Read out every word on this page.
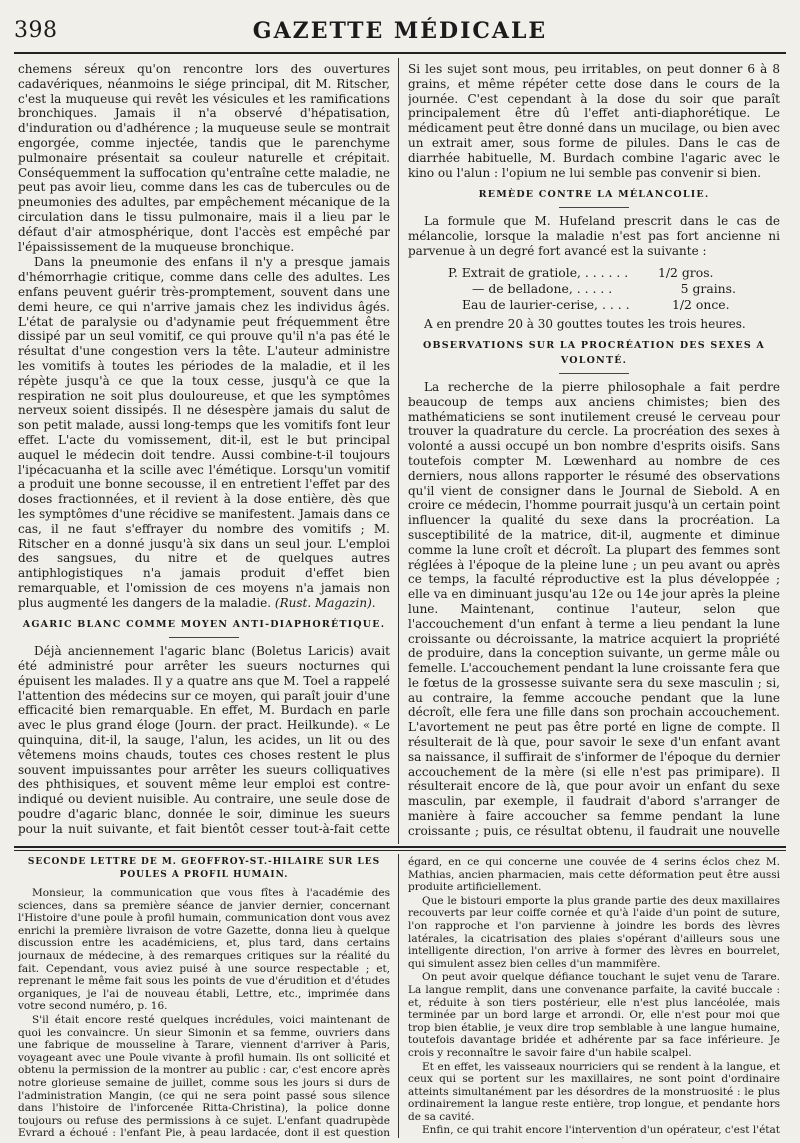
398	GAZETTE MÉDICALE

chemens séreux qu'on rencontre lors des ouvertures cadavériques, néanmoins le siége principal, dit M. Ritscher, c'est la muqueuse qui revêt les vésicules et les ramifications bronchiques. Jamais il n'a observé d'hépatisation, d'induration ou d'adhérence ; la muqueuse seule se montrait engorgée, comme injectée, tandis que le parenchyme pulmonaire présentait sa couleur naturelle et crépitait. Conséquemment la suffocation qu'entraîne cette maladie, ne peut pas avoir lieu, comme dans les cas de tubercules ou de pneumonies des adultes, par empêchement mécanique de la circulation dans le tissu pulmonaire, mais il a lieu par le défaut d'air atmosphérique, dont l'accès est empêché par l'épaississement de la muqueuse bronchique.

Dans la pneumonie des enfans il n'y a presque jamais d'hémorrhagie critique, comme dans celle des adultes. Les enfans peuvent guérir très-promptement, souvent dans une demi heure, ce qui n'arrive jamais chez les individus âgés. L'état de paralysie ou d'adynamie peut fréquemment être dissipé par un seul vomitif, ce qui prouve qu'il n'a pas été le résultat d'une congestion vers la tête. L'auteur administre les vomitifs à toutes les périodes de la maladie, et il les répète jusqu'à ce que la toux cesse, jusqu'à ce que la respiration ne soit plus douloureuse, et que les symptômes nerveux soient dissipés. Il ne désespère jamais du salut de son petit malade, aussi long-temps que les vomitifs font leur effet. L'acte du vomissement, dit-il, est le but principal auquel le médecin doit tendre. Aussi combine-t-il toujours l'ipécacuanha et la scille avec l'émétique. Lorsqu'un vomitif a produit une bonne secousse, il en entretient l'effet par des doses fractionnées, et il revient à la dose entière, dès que les symptômes d'une récidive se manifestent. Jamais dans ce cas, il ne faut s'effrayer du nombre des vomitifs ; M. Ritscher en a donné jusqu'à six dans un seul jour. L'emploi des sangsues, du nitre et de quelques autres antiphlogistiques n'a jamais produit d'effet bien remarquable, et l'omission de ces moyens n'a jamais non plus augmenté les dangers de la maladie. (Rust. Magazin).

AGARIC BLANC COMME MOYEN ANTI-DIAPHORÉTIQUE.

Déjà anciennement l'agaric blanc (Boletus Laricis) avait été administré pour arrêter les sueurs nocturnes qui épuisent les malades. Il y a quatre ans que M. Toel a rappelé l'attention des médecins sur ce moyen, qui paraît jouir d'une efficacité bien remarquable. En effet, M. Burdach en parle avec le plus grand éloge (Journ. der pract. Heilkunde). « Le quinquina, dit-il, la sauge, l'alun, les acides, un lit ou des vêtemens moins chauds, toutes ces choses restent le plus souvent impuissantes pour arrêter les sueurs colliquatives des phthisiques, et souvent même leur emploi est contre-indiqué ou devient nuisible. Au contraire, une seule dose de poudre d'agaric blanc, donnée le soir, diminue les sueurs pour la nuit suivante, et fait bientôt cesser tout-à-fait cette

Si les sujet sont mous, peu irritables, on peut donner 6 à 8 grains, et même répéter cette dose dans le cours de la journée. C'est cependant à la dose du soir que paraît principalement être dû l'effet anti-diaphorétique. Le médicament peut être donné dans un mucilage, ou bien avec un extrait amer, sous forme de pilules. Dans le cas de diarrhée habituelle, M. Burdach combine l'agaric avec le kino ou l'alun : l'opium ne lui semble pas convenir si bien.

REMÈDE CONTRE LA MÉLANCOLIE.

La formule que M. Hufeland prescrit dans le cas de mélancolie, lorsque la maladie n'est pas fort ancienne ni parvenue à un degré fort avancé est la suivante :

P. Extrait de gratiole, . . . . . .	1/2 gros.
— de belladone, . . . . .	5 grains.
Eau de laurier-cerise, . . . .	1/2 once.

A en prendre 20 à 30 gouttes toutes les trois heures.

OBSERVATIONS SUR LA PROCRÉATION DES SEXES A VOLONTÉ.

La recherche de la pierre philosophale a fait perdre beaucoup de temps aux anciens chimistes; bien des mathématiciens se sont inutilement creusé le cerveau pour trouver la quadrature du cercle. La procréation des sexes à volonté a aussi occupé un bon nombre d'esprits oisifs. Sans toutefois compter M. Lœwenhard au nombre de ces derniers, nous allons rapporter le résumé des observations qu'il vient de consigner dans le Journal de Siebold. A en croire ce médecin, l'homme pourrait jusqu'à un certain point influencer la qualité du sexe dans la procréation. La susceptibilité de la matrice, dit-il, augmente et diminue comme la lune croît et décroît. La plupart des femmes sont réglées à l'époque de la pleine lune ; un peu avant ou après ce temps, la faculté réproductive est la plus développée ; elle va en diminuant jusqu'au 12e ou 14e jour après la pleine lune. Maintenant, continue l'auteur, selon que l'accouchement d'un enfant à terme a lieu pendant la lune croissante ou décroissante, la matrice acquiert la propriété de produire, dans la conception suivante, un germe mâle ou femelle. L'accouchement pendant la lune croissante fera que le fœtus de la grossesse suivante sera du sexe masculin ; si, au contraire, la femme accouche pendant que la lune décroît, elle fera une fille dans son prochain accouchement. L'avortement ne peut pas être porté en ligne de compte. Il résulterait de là que, pour savoir le sexe d'un enfant avant sa naissance, il suffirait de s'informer de l'époque du dernier accouchement de la mère (si elle n'est pas primipare). Il résulterait encore de là, que pour avoir un enfant du sexe masculin, par exemple, il faudrait d'abord s'arranger de manière à faire accoucher sa femme pendant la lune croissante ; puis, ce résultat obtenu, il faudrait une nouvelle

SECONDE LETTRE DE M. GEOFFROY-ST.-HILAIRE SUR LES POULES A PROFIL HUMAIN.

Monsieur, la communication que vous fîtes à l'académie des sciences, dans sa première séance de janvier dernier, concernant l'Histoire d'une poule à profil humain, communication dont vous avez enrichi la première livraison de votre Gazette, donna lieu à quelque discussion entre les académiciens, et, plus tard, dans certains journaux de médecine, à des remarques critiques sur la réalité du fait. Cependant, vous aviez puisé à une source respectable ; et, reprenant le même fait sous les points de vue d'érudition et d'études organiques, je l'ai de nouveau établi, Lettre, etc., imprimée dans votre second numéro, p. 16.

S'il était encore resté quelques incrédules, voici maintenant de quoi les convaincre. Un sieur Simonin et sa femme, ouvriers dans une fabrique de mousseline à Tarare, viennent d'arriver à Paris, voyageant avec une Poule vivante à profil humain. Ils ont sollicité et obtenu la permission de la montrer au public : car, c'est encore après notre glorieuse semaine de juillet, comme sous les jours si durs de l'administration Mangin, (ce qui ne sera point passé sous silence dans l'histoire de l'inforcenée Ritta-Christina), la police donne toujours ou refuse des permissions à ce sujet. L'enfant quadrupède Evrard a échoué : l'enfant Pie, à peau lardacée, dont il est question

égard, en ce qui concerne une couvée de 4 serins éclos chez M. Mathias, ancien pharmacien, mais cette déformation peut être aussi produite artificiellement.

Que le bistouri emporte la plus grande partie des deux maxillaires recouverts par leur coiffe cornée et qu'à l'aide d'un point de suture, l'on rapproche et l'on parvienne à joindre les bords des lèvres latérales, la cicatrisation des plaies s'opérant d'ailleurs sous une intelligente direction, l'on arrive à former des lèvres en bourrelet, qui simulent assez bien celles d'un mammifère.

On peut avoir quelque défiance touchant le sujet venu de Tarare. La langue remplit, dans une convenance parfaite, la cavité buccale : et, réduite à son tiers postérieur, elle n'est plus lancéolée, mais terminée par un bord large et arrondi. Or, elle n'est pour moi que trop bien établie, je veux dire trop semblable à une langue humaine, toutefois davantage bridée et adhérente par sa face inférieure. Je crois y reconnaître le savoir faire d'un habile scalpel.

Et en effet, les vaisseaux nourriciers qui se rendent à la langue, et ceux qui se portent sur les maxillaires, ne sont point d'ordinaire atteints simultanément par les désordres de la monstruosité : le plus ordinairement la langue reste entière, trop longue, et pendante hors de sa cavité.

Enfin, ce qui trahit encore l'intervention d'un opérateur, c'est l'état
